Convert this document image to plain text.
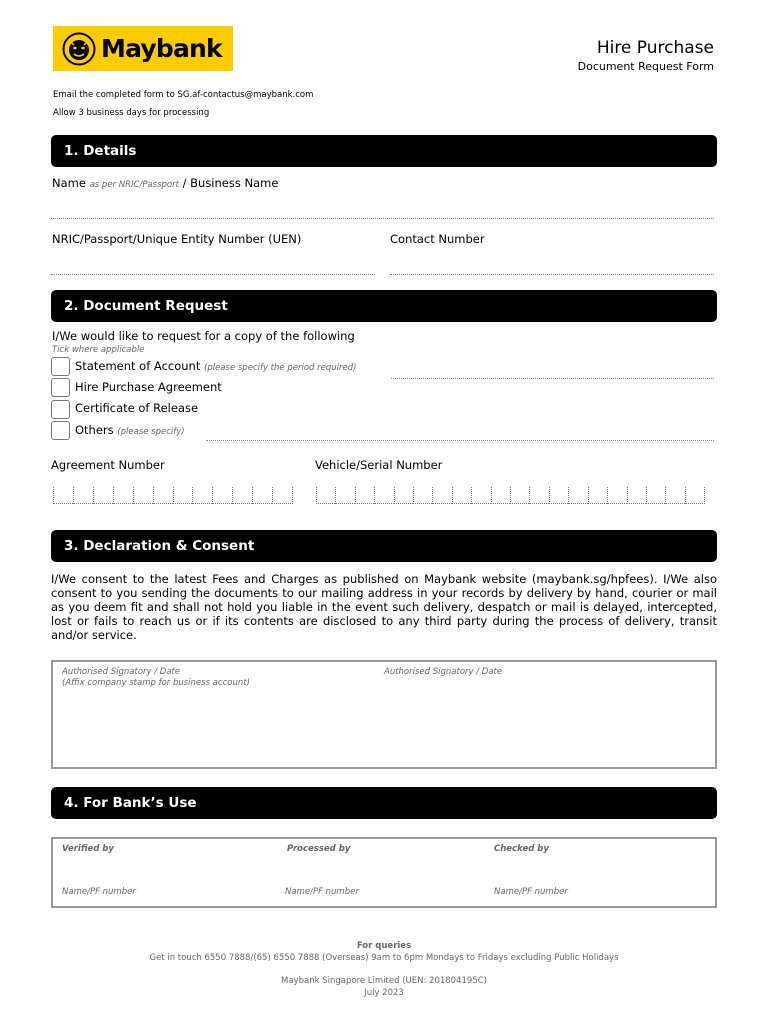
Maybank	Hire Purchase
Document Request Form
Email the completed form to SG.af-contactus@maybank.com
Allow 3 business days for processing
1. Details
Name as per NRIC/Passport / Business Name
NRIC/Passport/Unique Entity Number (UEN)	Contact Number
2. Document Request
I/We would like to request for a copy of the following
Tick where applicable
Statement of Account (please specify the period required)
Hire Purchase Agreement
Certificate of Release
Others (please specify)
Agreement Number	Vehicle/Serial Number
3. Declaration & Consent
I/We consent to the latest Fees and Charges as published on Maybank website (maybank.sg/hpfees). I/We also consent to you sending the documents to our mailing address in your records by delivery by hand, courier or mail as you deem fit and shall not hold you liable in the event such delivery, despatch or mail is delayed, intercepted, lost or fails to reach us or if its contents are disclosed to any third party during the process of delivery, transit and/or service.
Authorised Signatory / Date
(Affix company stamp for business account)
Authorised Signatory / Date
4. For Bank’s Use
Verified by	Processed by	Checked by
Name/PF number	Name/PF number	Name/PF number
For queries
Get in touch 6550 7888/(65) 6550 7888 (Overseas) 9am to 6pm Mondays to Fridays excluding Public Holidays
Maybank Singapore Limited (UEN: 201804195C)
July 2023
